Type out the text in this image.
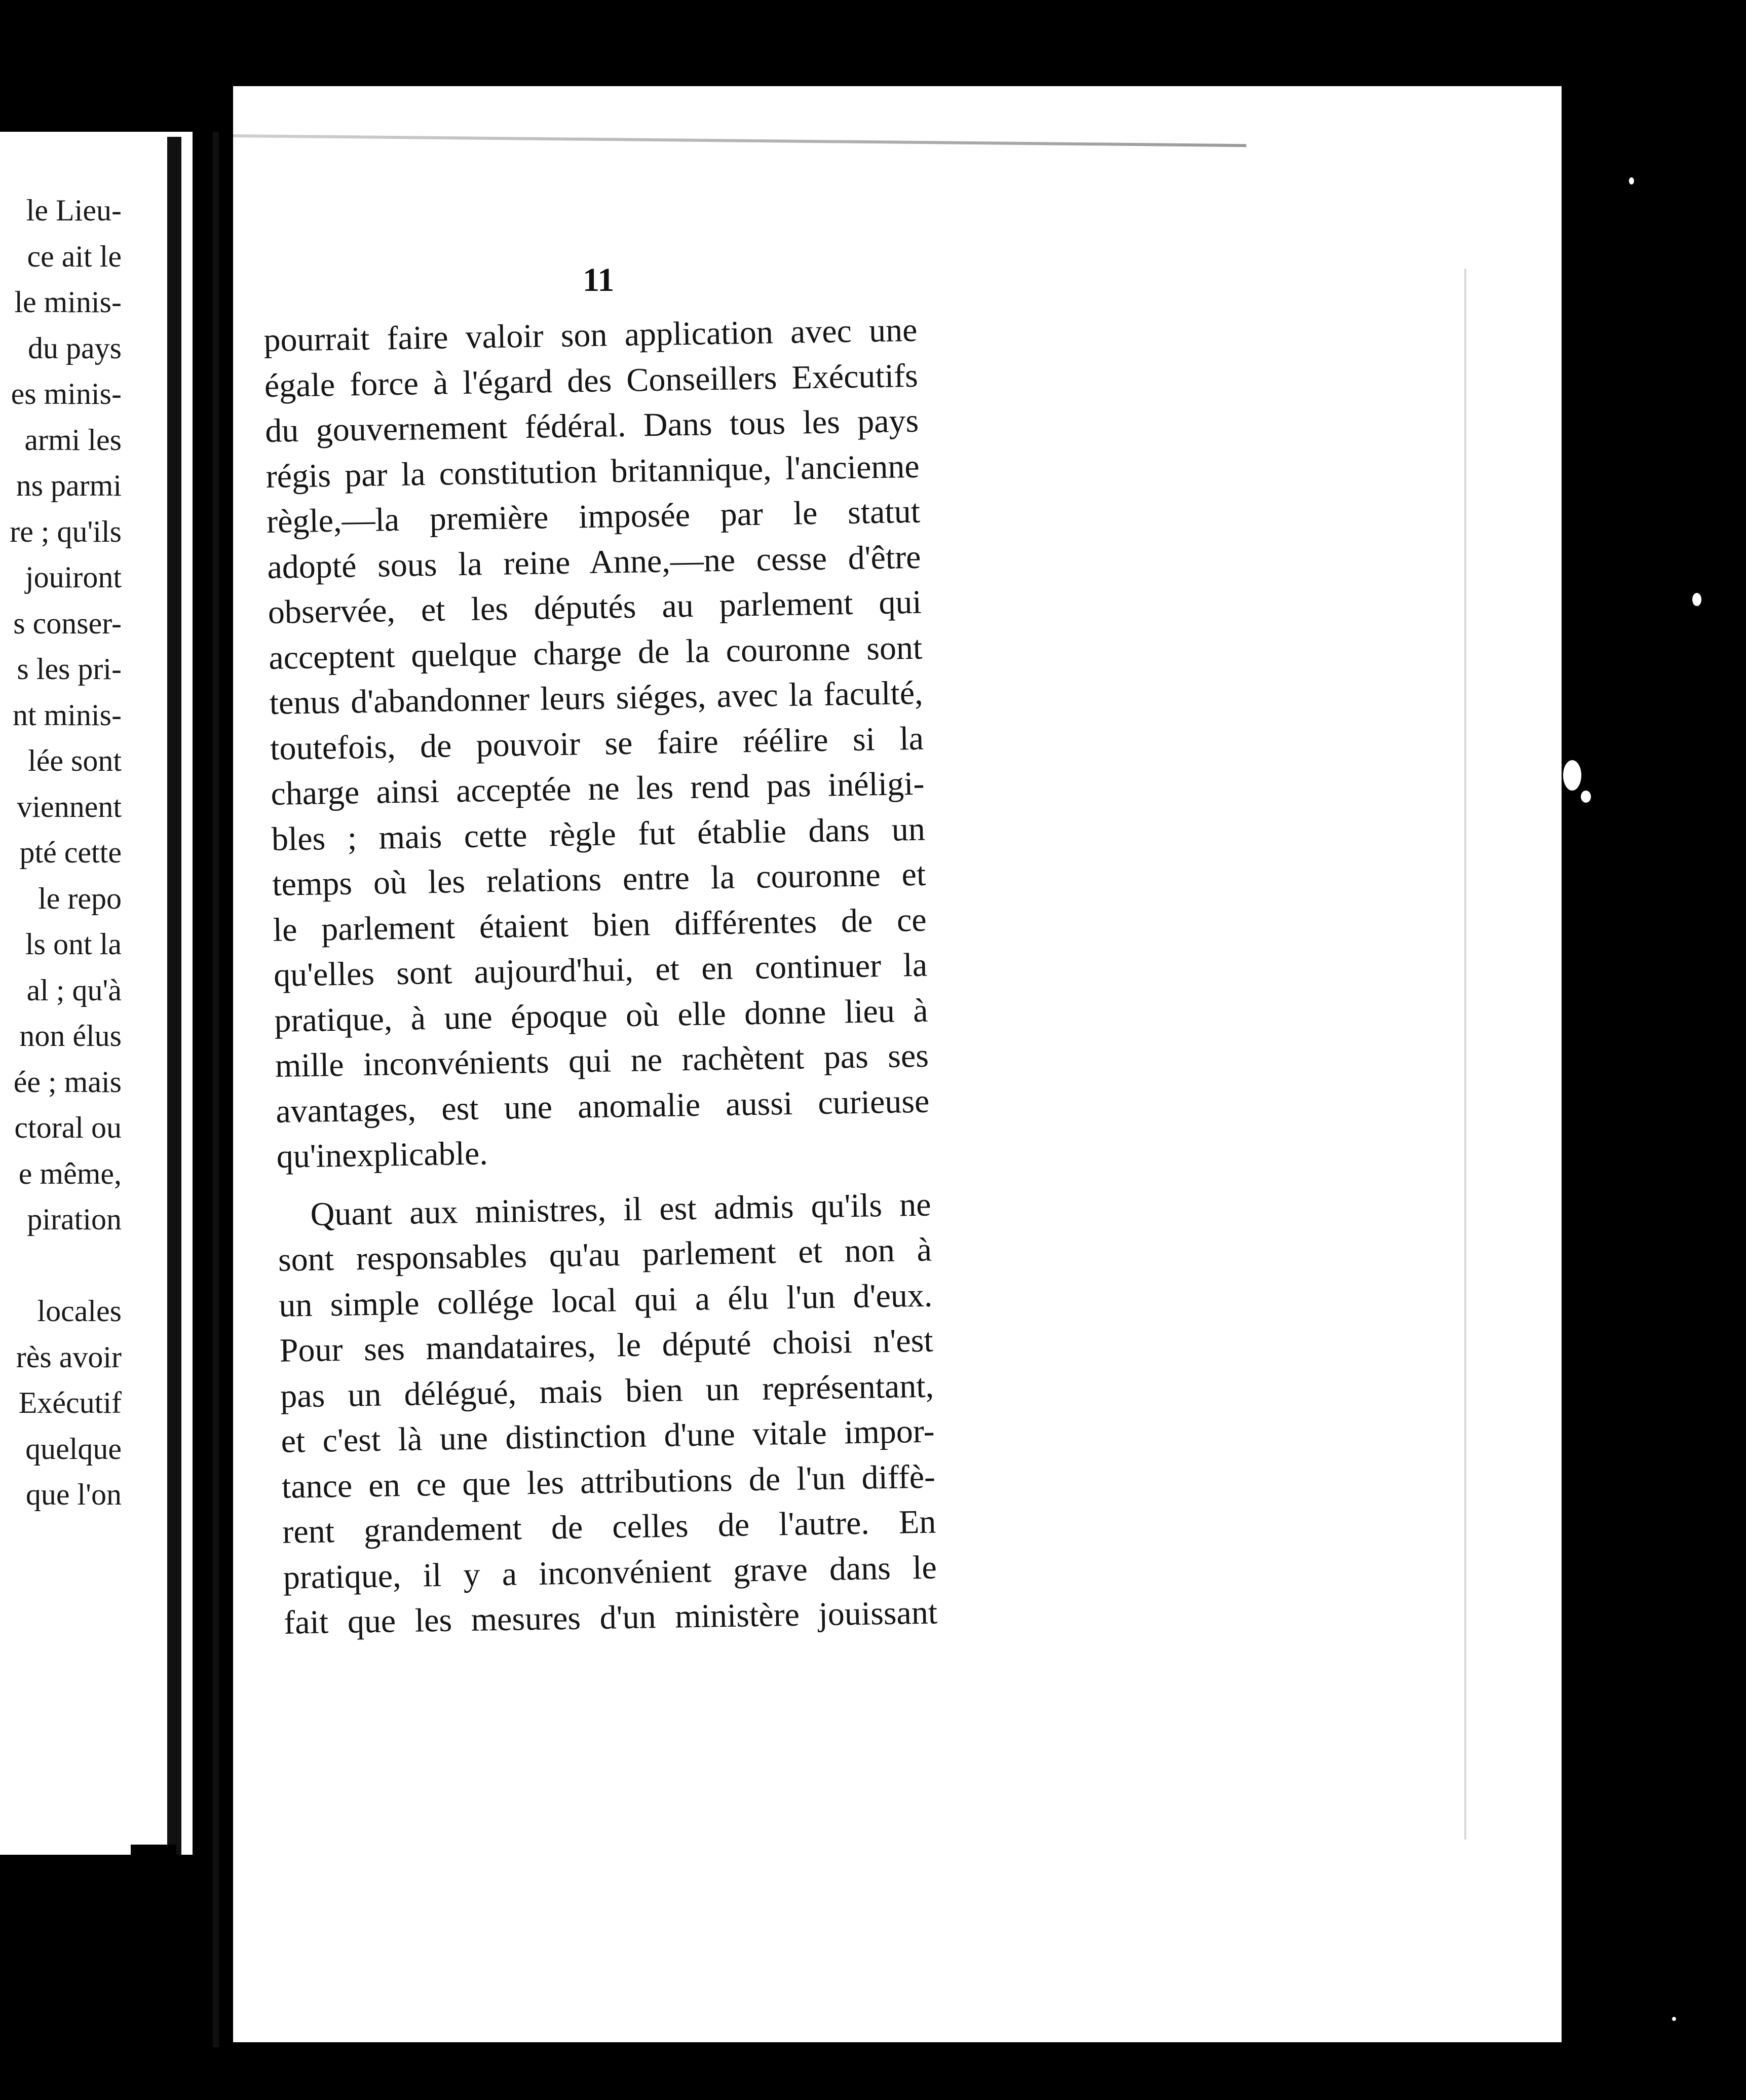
le Lieu-
ce ait le
le minis-
du pays
es minis-
armi les
ns parmi
re ; qu'ils
jouiront
s conser-
s les pri-
nt minis-
lée sont
viennent
pté cette
le repo
ls ont la
al ; qu'à
non élus
ée ; mais
ctoral ou
e même,
piration
locales
rès avoir
Exécutif
quelque
que l'on
11
pourrait faire valoir son application avec une
égale force à l'égard des Conseillers Exécutifs
du gouvernement fédéral. Dans tous les pays
régis par la constitution britannique, l'ancienne
règle,—la première imposée par le statut
adopté sous la reine Anne,—ne cesse d'être
observée, et les députés au parlement qui
acceptent quelque charge de la couronne sont
tenus d'abandonner leurs siéges, avec la faculté,
toutefois, de pouvoir se faire réélire si la
charge ainsi acceptée ne les rend pas inéligi-
bles ; mais cette règle fut établie dans un
temps où les relations entre la couronne et
le parlement étaient bien différentes de ce
qu'elles sont aujourd'hui, et en continuer la
pratique, à une époque où elle donne lieu à
mille inconvénients qui ne rachètent pas ses
avantages, est une anomalie aussi curieuse
qu'inexplicable.
Quant aux ministres, il est admis qu'ils ne
sont responsables qu'au parlement et non à
un simple collége local qui a élu l'un d'eux.
Pour ses mandataires, le député choisi n'est
pas un délégué, mais bien un représentant,
et c'est là une distinction d'une vitale impor-
tance en ce que les attributions de l'un diffè-
rent grandement de celles de l'autre. En
pratique, il y a inconvénient grave dans le
fait que les mesures d'un ministère jouissant
